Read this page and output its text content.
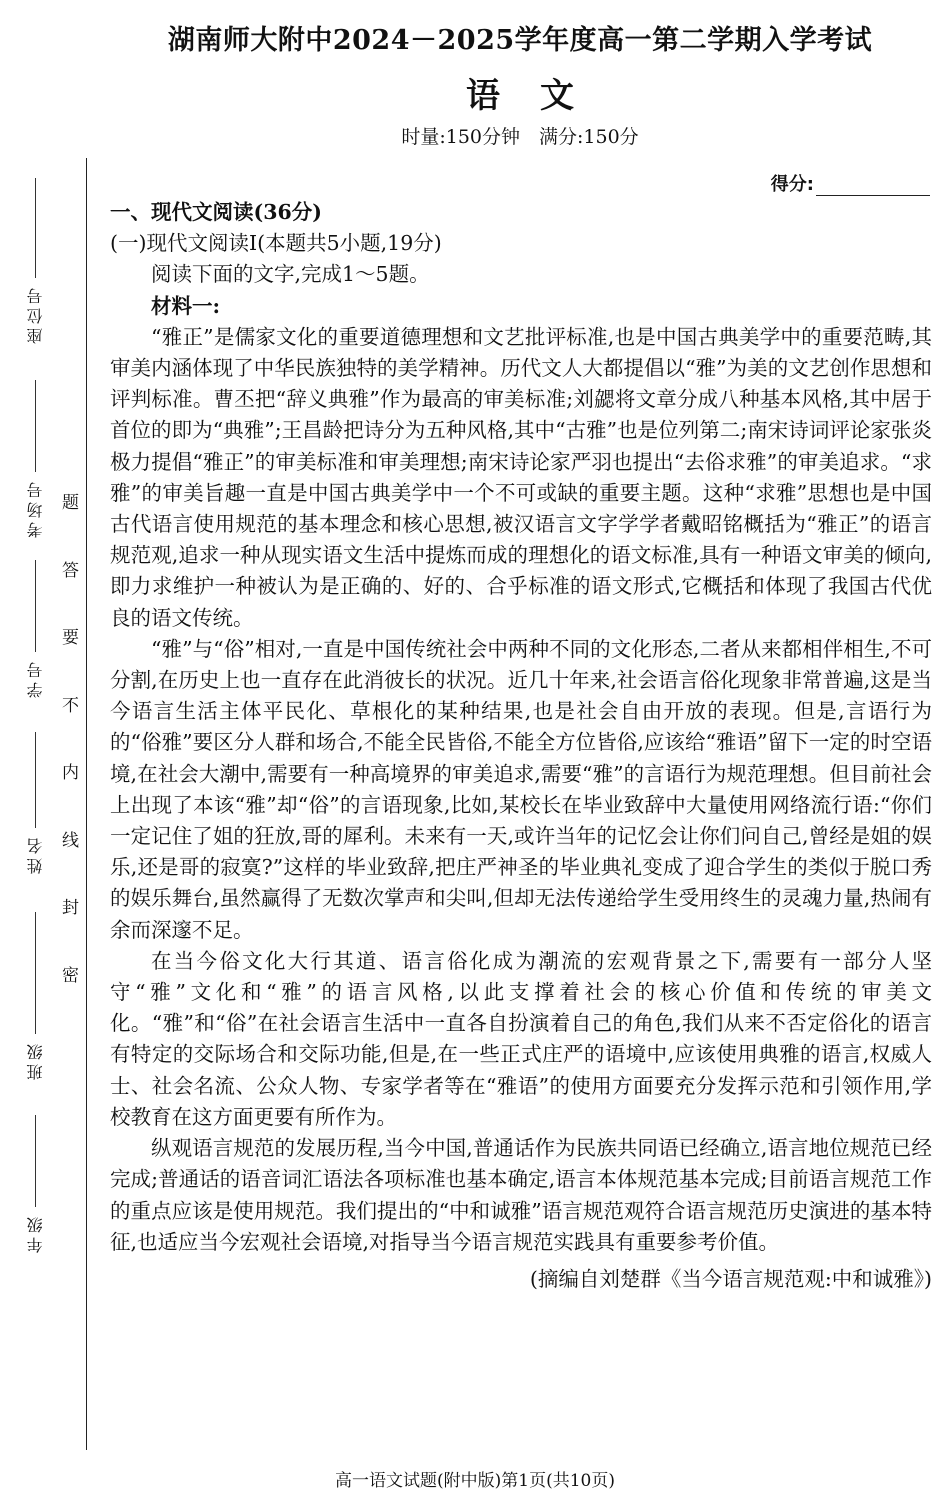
座位号
考场号
学号
姓名
班级
年级
题
答
要
不
内
线
封
密
湖南师大附中2024－2025学年度高一第二学期入学考试
语文
时量:150分钟　满分:150分
得分:

一、现代文阅读(36分)

(一)现代文阅读Ⅰ(本题共5小题,19分)

阅读下面的文字,完成1～5题。

材料一:

“雅正”是儒家文化的重要道德理想和文艺批评标准,也是中国古典美学中的重要范畴,其审美内涵体现了中华民族独特的美学精神。历代文人大都提倡以“雅”为美的文艺创作思想和评判标准。曹丕把“辞义典雅”作为最高的审美标准;刘勰将文章分成八种基本风格,其中居于首位的即为“典雅”;王昌龄把诗分为五种风格,其中“古雅”也是位列第二;南宋诗词评论家张炎极力提倡“雅正”的审美标准和审美理想;南宋诗论家严羽也提出“去俗求雅”的审美追求。“求雅”的审美旨趣一直是中国古典美学中一个不可或缺的重要主题。这种“求雅”思想也是中国古代语言使用规范的基本理念和核心思想,被汉语言文字学学者戴昭铭概括为“雅正”的语言规范观,追求一种从现实语文生活中提炼而成的理想化的语文标准,具有一种语文审美的倾向,即力求维护一种被认为是正确的、好的、合乎标准的语文形式,它概括和体现了我国古代优良的语文传统。

“雅”与“俗”相对,一直是中国传统社会中两种不同的文化形态,二者从来都相伴相生,不可分割,在历史上也一直存在此消彼长的状况。近几十年来,社会语言俗化现象非常普遍,这是当今语言生活主体平民化、草根化的某种结果,也是社会自由开放的表现。但是,言语行为的“俗雅”要区分人群和场合,不能全民皆俗,不能全方位皆俗,应该给“雅语”留下一定的时空语境,在社会大潮中,需要有一种高境界的审美追求,需要“雅”的言语行为规范理想。但目前社会上出现了本该“雅”却“俗”的言语现象,比如,某校长在毕业致辞中大量使用网络流行语:“你们一定记住了姐的狂放,哥的犀利。未来有一天,或许当年的记忆会让你们问自己,曾经是姐的娱乐,还是哥的寂寞?”这样的毕业致辞,把庄严神圣的毕业典礼变成了迎合学生的类似于脱口秀的娱乐舞台,虽然赢得了无数次掌声和尖叫,但却无法传递给学生受用终生的灵魂力量,热闹有余而深邃不足。

在当今俗文化大行其道、语言俗化成为潮流的宏观背景之下,需要有一部分人坚守“雅”文化和“雅”的语言风格,以此支撑着社会的核心价值和传统的审美文化。“雅”和“俗”在社会语言生活中一直各自扮演着自己的角色,我们从来不否定俗化的语言有特定的交际场合和交际功能,但是,在一些正式庄严的语境中,应该使用典雅的语言,权威人士、社会名流、公众人物、专家学者等在“雅语”的使用方面要充分发挥示范和引领作用,学校教育在这方面更要有所作为。

纵观语言规范的发展历程,当今中国,普通话作为民族共同语已经确立,语言地位规范已经完成;普通话的语音词汇语法各项标准也基本确定,语言本体规范基本完成;目前语言规范工作的重点应该是使用规范。我们提出的“中和诚雅”语言规范观符合语言规范历史演进的基本特征,也适应当今宏观社会语境,对指导当今语言规范实践具有重要参考价值。

(摘编自刘楚群《当今语言规范观:中和诚雅》)

高一语文试题(附中版)第1页(共10页)
